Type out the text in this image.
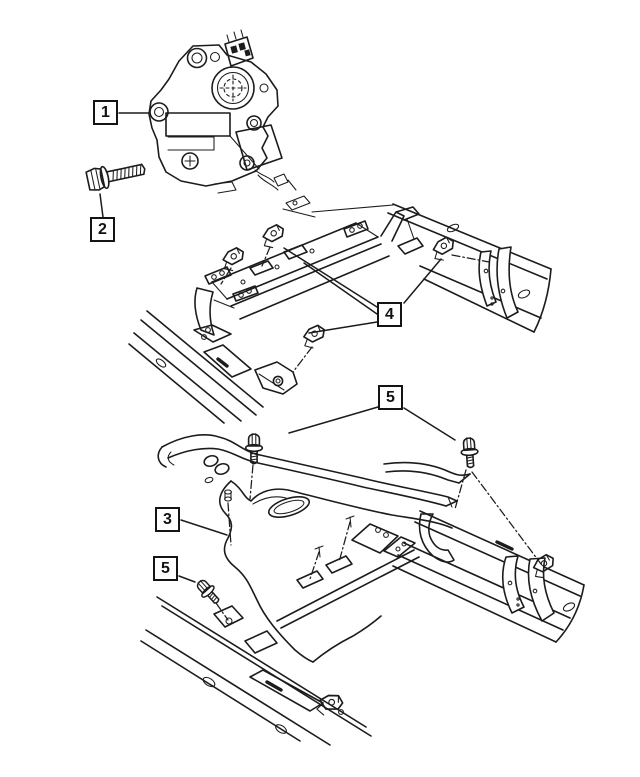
1
2
3
4
5
5
